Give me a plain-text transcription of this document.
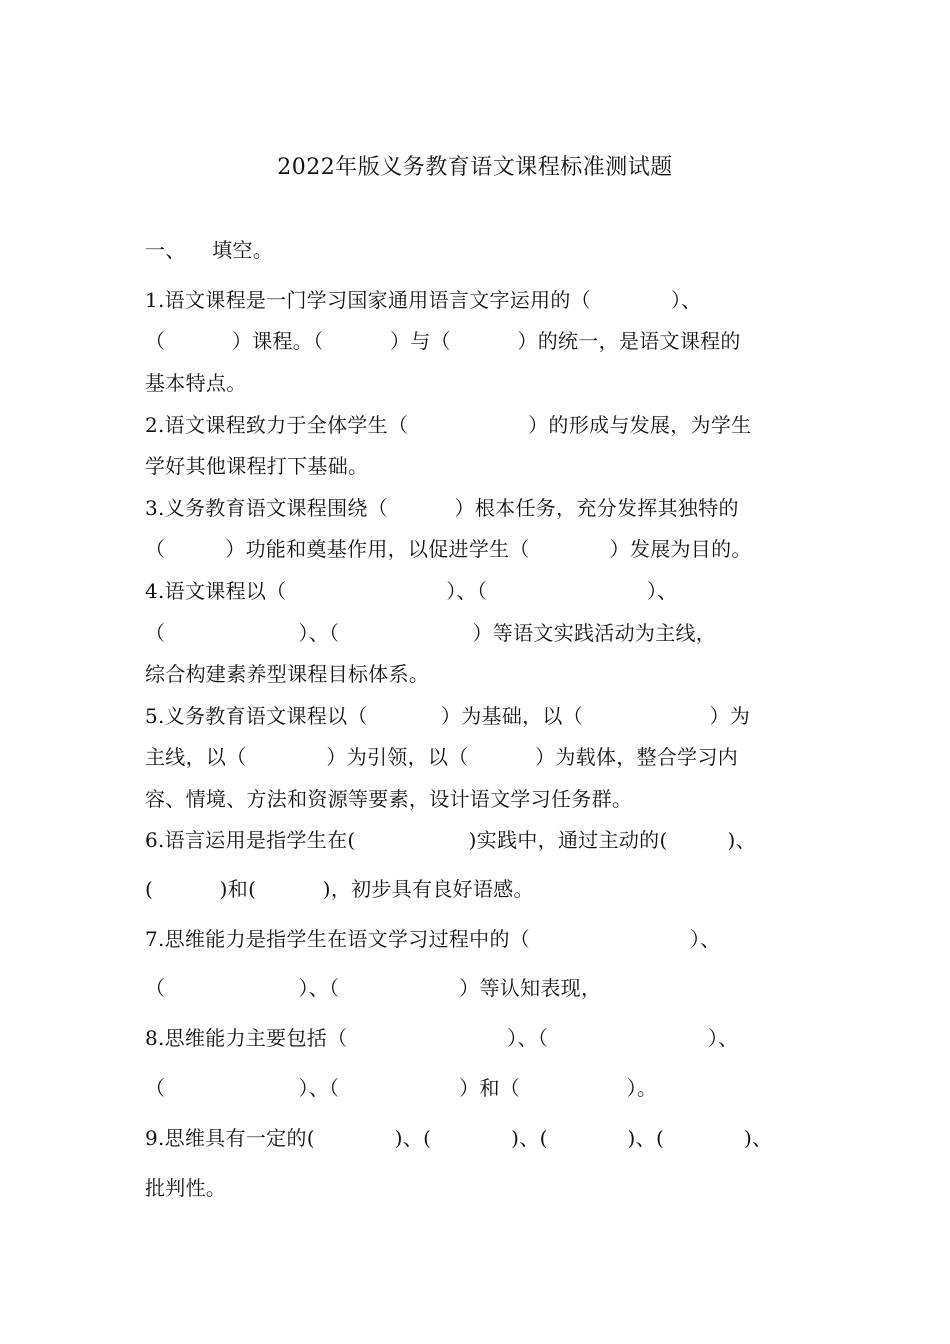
2022年版义务教育语文课程标准测试题
一、    填空。
1.语文课程是一门学习国家通用语言文字运用的（            ）、
（          ）课程。（          ）与（          ）的统一，是语文课程的
基本特点。
2.语文课程致力于全体学生（                  ）的形成与发展，为学生
学好其他课程打下基础。
3.义务教育语文课程围绕（          ）根本任务，充分发挥其独特的
（         ）功能和奠基作用，以促进学生（            ）发展为目的。
4.语文课程以（                        ）、（                        ）、
（                    ）、（                    ）等语文实践活动为主线，
综合构建素养型课程目标体系。
5.义务教育语文课程以（           ）为基础，以（                   ）为
主线，以（            ）为引领，以（          ）为载体，整合学习内
容、情境、方法和资源等要素，设计语文学习任务群。
6.语言运用是指学生在(                 )实践中，通过主动的(         )、
(          )和(          )，初步具有良好语感。
7.思维能力是指学生在语文学习过程中的（                        ）、
（                    ）、（                  ）等认知表现，
8.思维能力主要包括（                        ）、（                        ）、
（                    ）、（                  ）和（                ）。
9.思维具有一定的(            )、(            )、(            )、(            )、
批判性。
